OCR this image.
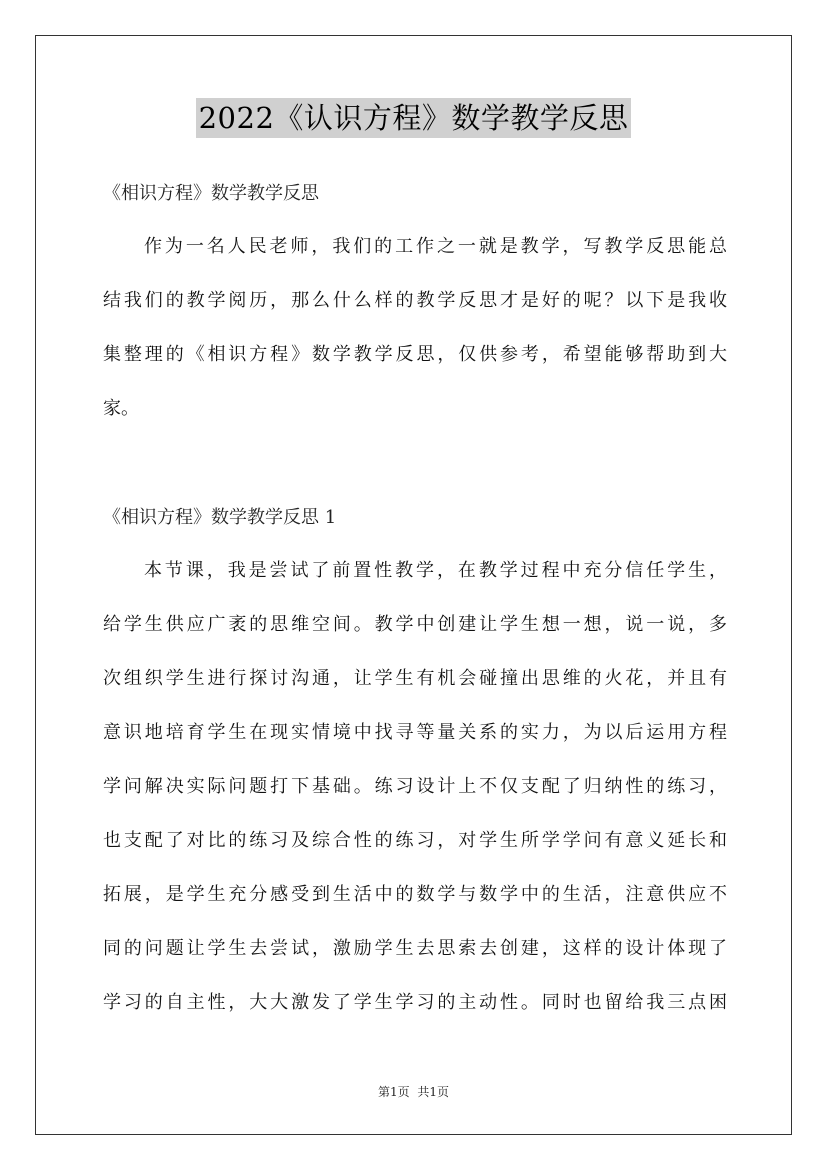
2022《认识方程》数学教学反思
《相识方程》数学教学反思
作为一名人民老师，我们的工作之一就是教学，写教学反思能总
结我们的教学阅历，那么什么样的教学反思才是好的呢？以下是我收
集整理的《相识方程》数学教学反思，仅供参考，希望能够帮助到大
家。
《相识方程》数学教学反思 1
本节课，我是尝试了前置性教学，在教学过程中充分信任学生，
给学生供应广袤的思维空间。教学中创建让学生想一想，说一说，多
次组织学生进行探讨沟通，让学生有机会碰撞出思维的火花，并且有
意识地培育学生在现实情境中找寻等量关系的实力，为以后运用方程
学问解决实际问题打下基础。练习设计上不仅支配了归纳性的练习，
也支配了对比的练习及综合性的练习，对学生所学学问有意义延长和
拓展，是学生充分感受到生活中的数学与数学中的生活，注意供应不
同的问题让学生去尝试，激励学生去思索去创建，这样的设计体现了
学习的自主性，大大激发了学生学习的主动性。同时也留给我三点困
第1页 共1页
